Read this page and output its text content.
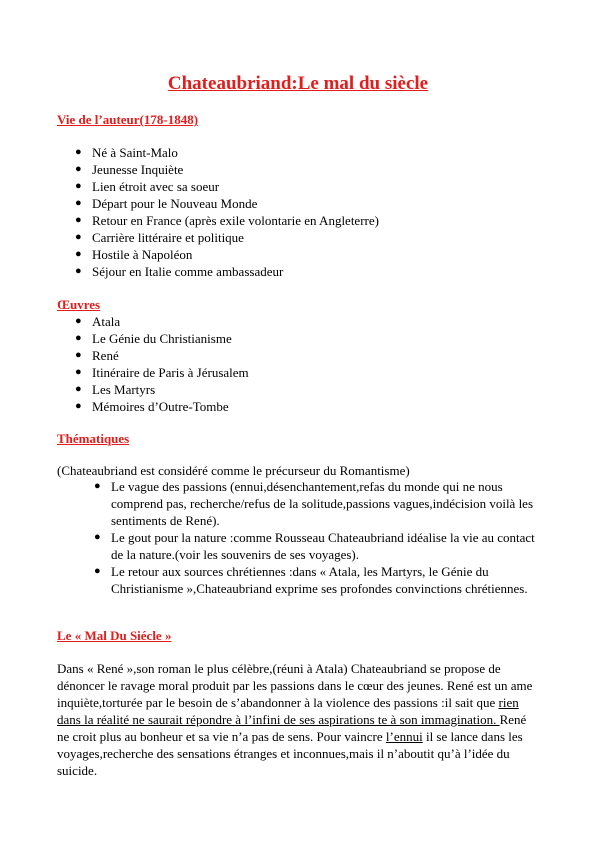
Chateaubriand:Le mal du siècle
Vie de l’auteur(178-1848)
● Né à Saint-Malo
● Jeunesse Inquiète
● Lien étroit avec sa soeur
● Départ pour le Nouveau Monde
● Retour en France (après exile volontarie en Angleterre)
● Carrière littéraire et politique
● Hostile à Napoléon
● Séjour en Italie comme ambassadeur
Œuvres
● Atala
● Le Génie du Christianisme
● René
● Itinéraire de Paris à Jérusalem
● Les Martyrs
● Mémoires d’Outre-Tombe
Thématiques
(Chateaubriand est considéré comme le précurseur du Romantisme)
● Le vague des passions (ennui,désenchantement,refas du monde qui ne nous comprend pas, recherche/refus de la solitude,passions vagues,indécision voilà les sentiments de René).
● Le gout pour la nature :comme Rousseau Chateaubriand idéalise la vie au contact de la nature.(voir les souvenirs de ses voyages).
● Le retour aux sources chrétiennes :dans « Atala, les Martyrs, le Génie du Christianisme »,Chateaubriand exprime ses profondes convinctions chrétiennes.
Le « Mal Du Siécle »
Dans « René »,son roman le plus célèbre,(réuni à Atala) Chateaubriand se propose de dénoncer le ravage moral produit par les passions dans le cœur des jeunes. René est un ame inquiète,torturée par le besoin de s’abandonner à la violence des passions :il sait que rien dans la réalité ne saurait répondre à l’infini de ses aspirations te à son immagination. René ne croit plus au bonheur et sa vie n’a pas de sens. Pour vaincre l’ennui il se lance dans les voyages,recherche des sensations étranges et inconnues,mais il n’aboutit qu’à l’idée du suicide.
